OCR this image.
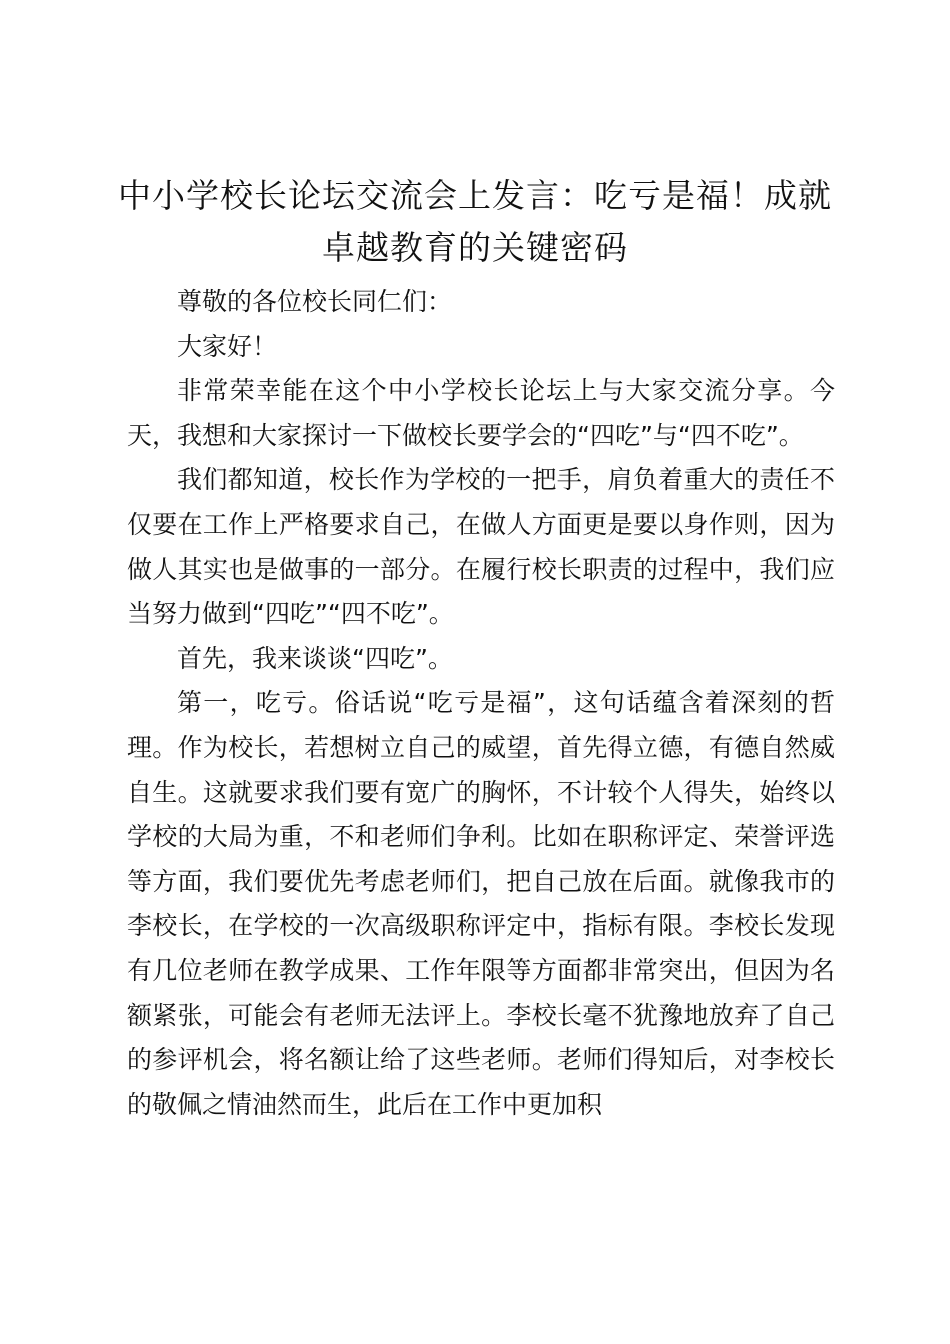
中小学校长论坛交流会上发言：吃亏是福！成就卓越教育的关键密码

尊敬的各位校长同仁们：

大家好！

非常荣幸能在这个中小学校长论坛上与大家交流分享。今天，我想和大家探讨一下做校长要学会的“四吃”与“四不吃”。

我们都知道，校长作为学校的一把手，肩负着重大的责任不仅要在工作上严格要求自己，在做人方面更是要以身作则，因为做人其实也是做事的一部分。在履行校长职责的过程中，我们应当努力做到“四吃”“四不吃”。

首先，我来谈谈“四吃”。

第一，吃亏。俗话说“吃亏是福”，这句话蕴含着深刻的哲理。作为校长，若想树立自己的威望，首先得立德，有德自然威自生。这就要求我们要有宽广的胸怀，不计较个人得失，始终以学校的大局为重，不和老师们争利。比如在职称评定、荣誉评选等方面，我们要优先考虑老师们，把自己放在后面。就像我市的李校长，在学校的一次高级职称评定中，指标有限。李校长发现有几位老师在教学成果、工作年限等方面都非常突出，但因为名额紧张，可能会有老师无法评上。李校长毫不犹豫地放弃了自己的参评机会，将名额让给了这些老师。老师们得知后，对李校长的敬佩之情油然而生，此后在工作中更加积
